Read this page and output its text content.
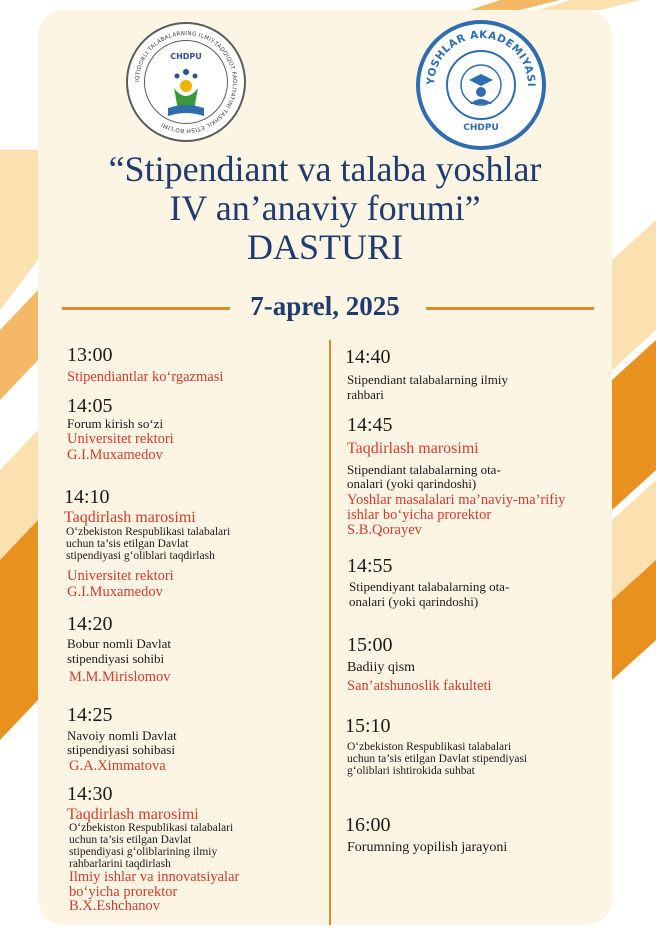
IQTIDORLI TALABALARNING ILMIY-TADQIQOT FAOLIYATINI TASHKIL ETISH BO'LIMI
CHDPU
YOSHLAR AKADEMIYASI
CHDPU
“Stipendiant va talaba yoshlar
IV an’anaviy forumi”
DASTURI
7-aprel, 2025
13:00
Stipendiantlar ko‘rgazmasi
14:05
Forum kirish so‘zi
Universitet rektori
G.I.Muxamedov
14:10
Taqdirlash marosimi
O‘zbekiston Respublikasi talabalari
uchun ta’sis etilgan Davlat
stipendiyasi g‘oliblari taqdirlash
Universitet rektori
G.I.Muxamedov
14:20
Bobur nomli Davlat
stipendiyasi sohibi
M.M.Mirislomov
14:25
Navoiy nomli Davlat
stipendiyasi sohibasi
G.A.Ximmatova
14:30
Taqdirlash marosimi
O‘zbekiston Respublikasi talabalari
uchun ta’sis etilgan Davlat
stipendiyasi g‘oliblarining ilmiy
rahbarlarini taqdirlash
Ilmiy ishlar va innovatsiyalar
bo‘yicha prorektor
B.X.Eshchanov
14:40
Stipendiant talabalarning ilmiy
rahbari
14:45
Taqdirlash marosimi
Stipendiant talabalarning ota-
onalari (yoki qarindoshi)
Yoshlar masalalari ma’naviy-ma’rifiy
ishlar bo‘yicha prorektor
S.B.Qorayev
14:55
Stipendiyant talabalarning ota-
onalari (yoki qarindoshi)
15:00
Badiiy qism
San’atshunoslik fakulteti
15:10
O‘zbekiston Respublikasi talabalari
uchun ta’sis etilgan Davlat stipendiyasi
g‘oliblari ishtirokida suhbat
16:00
Forumning yopilish jarayoni
